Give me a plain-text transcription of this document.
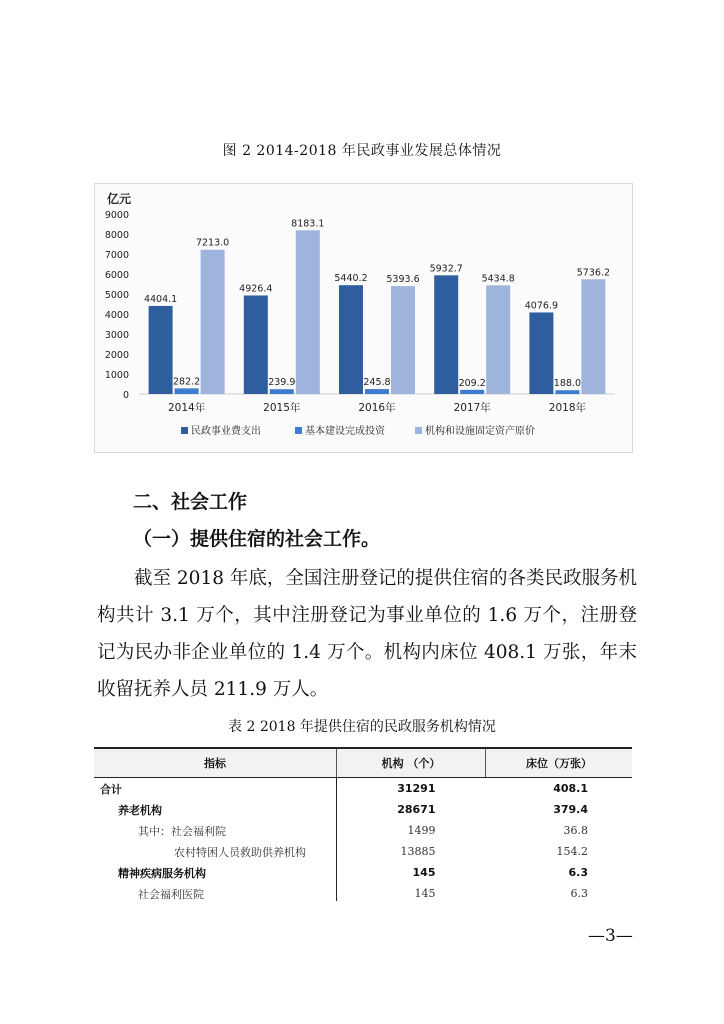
图 2 2014-2018 年民政事业发展总体情况
亿元
0
1000
2000
3000
4000
5000
6000
7000
8000
9000
4404.1
282.2
7213.0
2014年
4926.4
239.9
8183.1
2015年
5440.2
245.8
5393.6
2016年
5932.7
209.2
5434.8
2017年
4076.9
188.0
5736.2
2018年
民政事业费支出	基本建设完成投资	机构和设施固定资产原价
二、社会工作
（一）提供住宿的社会工作。
截至 2018 年底，全国注册登记的提供住宿的各类民政服务机构共计 3.1 万个，其中注册登记为事业单位的 1.6 万个，注册登记为民办非企业单位的 1.4 万个。机构内床位 408.1 万张，年末收留抚养人员 211.9 万人。
表 2 2018 年提供住宿的民政服务机构情况
指标	机构 （个）	床位（万张）
合计	31291	408.1
养老机构	28671	379.4
其中：社会福利院	1499	36.8
农村特困人员救助供养机构	13885	154.2
精神疾病服务机构	145	6.3
社会福利医院	145	6.3
—3—
